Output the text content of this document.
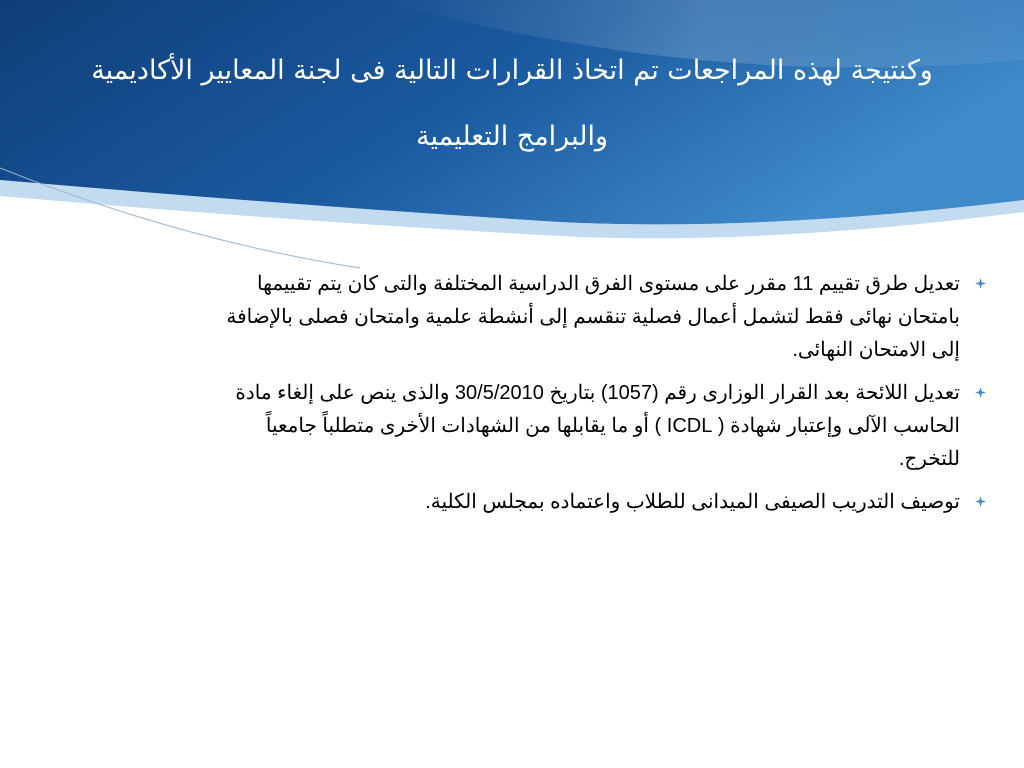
وكنتيجة لهذه المراجعات تم اتخاذ القرارات التالية فى لجنة المعايير الأكاديمية والبرامج التعليمية
تعديل طرق تقييم 11 مقرر على مستوى الفرق الدراسية المختلفة والتى كان يتم تقييمها بامتحان نهائى فقط لتشمل أعمال فصلية تنقسم إلى أنشطة علمية وامتحان فصلى بالإضافة إلى الامتحان النهائى.
تعديل اللائحة بعد القرار الوزارى رقم (1057) بتاريخ 30/5/2010 والذى ينص على إلغاء مادة الحاسب الآلى وإعتبار شهادة ( ICDL ) أو ما يقابلها من الشهادات الأخرى متطلباً جامعياً للتخرج.
توصيف التدريب الصيفى الميدانى للطلاب واعتماده بمجلس الكلية.
